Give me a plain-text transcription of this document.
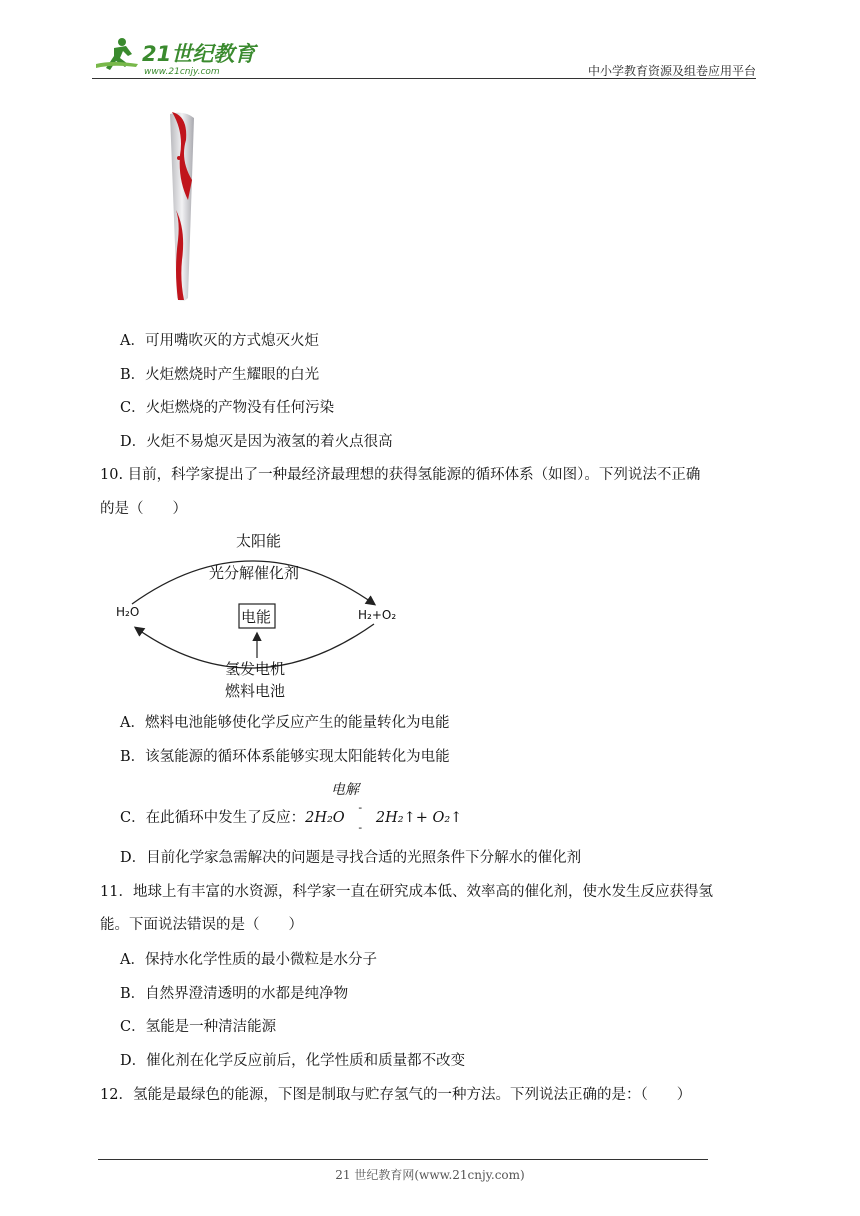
21世纪教育
www.21cnjy.com	中小学教育资源及组卷应用平台
A．可用嘴吹灭的方式熄灭火炬
B．火炬燃烧时产生耀眼的白光
C．火炬燃烧的产物没有任何污染
D．火炬不易熄灭是因为液氢的着火点很高
10. 目前，科学家提出了一种最经济最理想的获得氢能源的循环体系（如图）。下列说法不正确
的是（　　）
太阳能
光分解催化剂
H₂O	H₂+O₂
电能
氢发电机
燃料电池
A．燃料电池能够使化学反应产生的能量转化为电能
B．该氢能源的循环体系能够实现太阳能转化为电能
C．在此循环中发生了反应：2H₂O -
- 2H₂↑+ O₂↑
电解
D．目前化学家急需解决的问题是寻找合适的光照条件下分解水的催化剂
11．地球上有丰富的水资源，科学家一直在研究成本低、效率高的催化剂，使水发生反应获得氢
能。下面说法错误的是（　　）
A．保持水化学性质的最小微粒是水分子
B．自然界澄清透明的水都是纯净物
C．氢能是一种清洁能源
D．催化剂在化学反应前后，化学性质和质量都不改变
12．氢能是最绿色的能源，下图是制取与贮存氢气的一种方法。下列说法正确的是：（　　）
21 世纪教育网(www.21cnjy.com)
